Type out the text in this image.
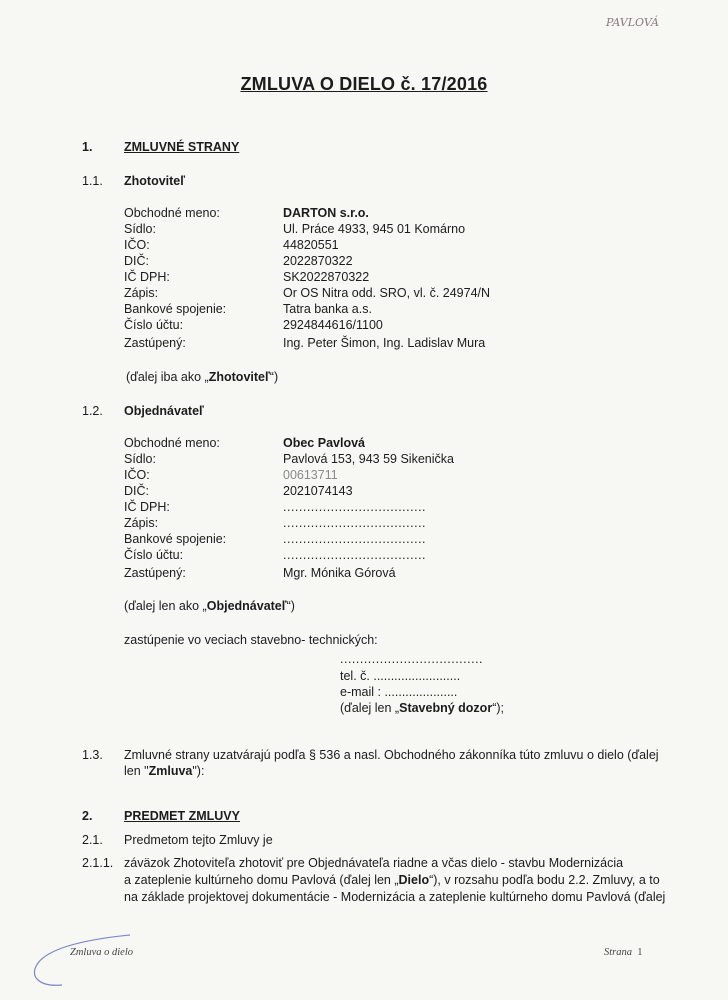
PAVLOVÁ
ZMLUVA O DIELO č. 17/2016
1.	ZMLUVNÉ STRANY
1.1. Zhotoviteľ
Obchodné meno:	DARTON s.r.o.
Sídlo:	Ul. Práce 4933, 945 01 Komárno
IČO:	44820551
DIČ:	2022870322
IČ DPH:	SK2022870322
Zápis:	Or OS Nitra odd. SRO, vl. č. 24974/N
Bankové spojenie:	Tatra banka a.s.
Číslo účtu:	2924844616/1100
Zastúpený:	Ing. Peter Šimon, Ing. Ladislav Mura
(ďalej iba ako „Zhotoviteľ“)
1.2. Objednávateľ
Obchodné meno:	Obec Pavlová
Sídlo:	Pavlová 153, 943 59 Sikenička
IČO:	00613711
DIČ:	2021074143
IČ DPH:	....................................
Zápis:	....................................
Bankové spojenie:	....................................
Číslo účtu:	....................................
Zastúpený:	Mgr. Mónika Górová
(ďalej len ako „Objednávateľ“)
zastúpenie vo veciach stavebno- technických:
....................................
tel. č. .........................
e-mail : .....................
(ďalej len „Stavebný dozor“);
1.3. Zmluvné strany uzatvárajú podľa § 536 a nasl. Obchodného zákonníka túto zmluvu o dielo (ďalej
len "Zmluva"):
2.	PREDMET ZMLUVY
2.1. Predmetom tejto Zmluvy je
2.1.1. záväzok Zhotoviteľa zhotoviť pre Objednávateľa riadne a včas dielo - stavbu Modernizácia
a zateplenie kultúrneho domu Pavlová (ďalej len „Dielo“), v rozsahu podľa bodu 2.2. Zmluvy, a to
na základe projektovej dokumentácie - Modernizácia a zateplenie kultúrneho domu Pavlová (ďalej
Zmluva o dielo	Strana 1
